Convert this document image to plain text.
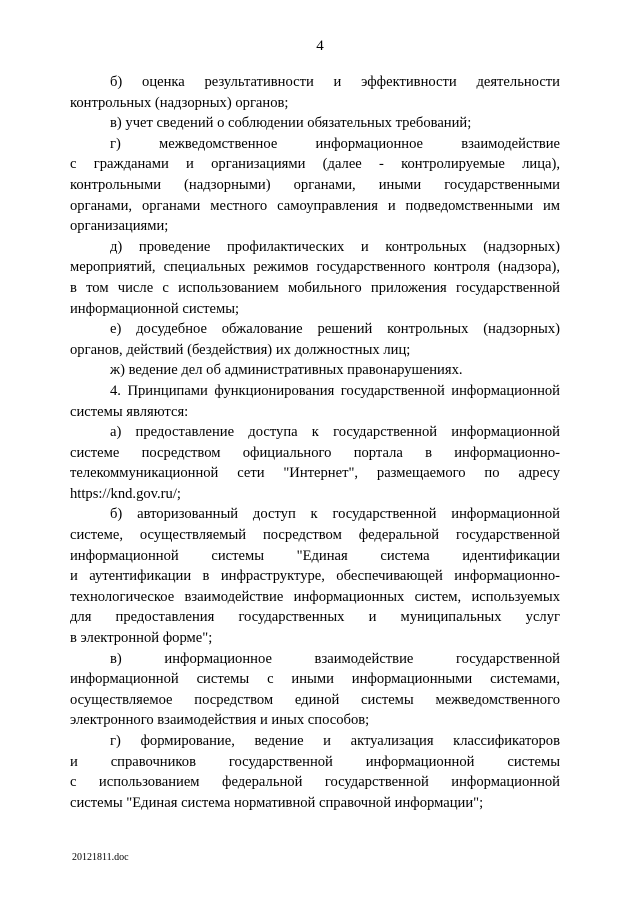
4

б) оценка результативности и эффективности деятельности
контрольных (надзорных) органов;

в) учет сведений о соблюдении обязательных требований;

г) межведомственное информационное взаимодействие
с гражданами и организациями (далее - контролируемые лица),
контрольными (надзорными) органами, иными государственными
органами, органами местного самоуправления и подведомственными им
организациями;

д) проведение профилактических и контрольных (надзорных)
мероприятий, специальных режимов государственного контроля (надзора),
в том числе с использованием мобильного приложения государственной
информационной системы;

е) досудебное обжалование решений контрольных (надзорных)
органов, действий (бездействия) их должностных лиц;

ж) ведение дел об административных правонарушениях.

4. Принципами функционирования государственной информационной
системы являются:

а) предоставление доступа к государственной информационной
системе посредством официального портала в информационно-
телекоммуникационной сети "Интернет", размещаемого по адресу
https://knd.gov.ru/;

б) авторизованный доступ к государственной информационной
системе, осуществляемый посредством федеральной государственной
информационной системы "Единая система идентификации
и аутентификации в инфраструктуре, обеспечивающей информационно-
технологическое взаимодействие информационных систем, используемых
для предоставления государственных и муниципальных услуг
в электронной форме";

в) информационное взаимодействие государственной
информационной системы с иными информационными системами,
осуществляемое посредством единой системы межведомственного
электронного взаимодействия и иных способов;

г) формирование, ведение и актуализация классификаторов
и справочников государственной информационной системы
с использованием федеральной государственной информационной
системы "Единая система нормативной справочной информации";

20121811.doc
